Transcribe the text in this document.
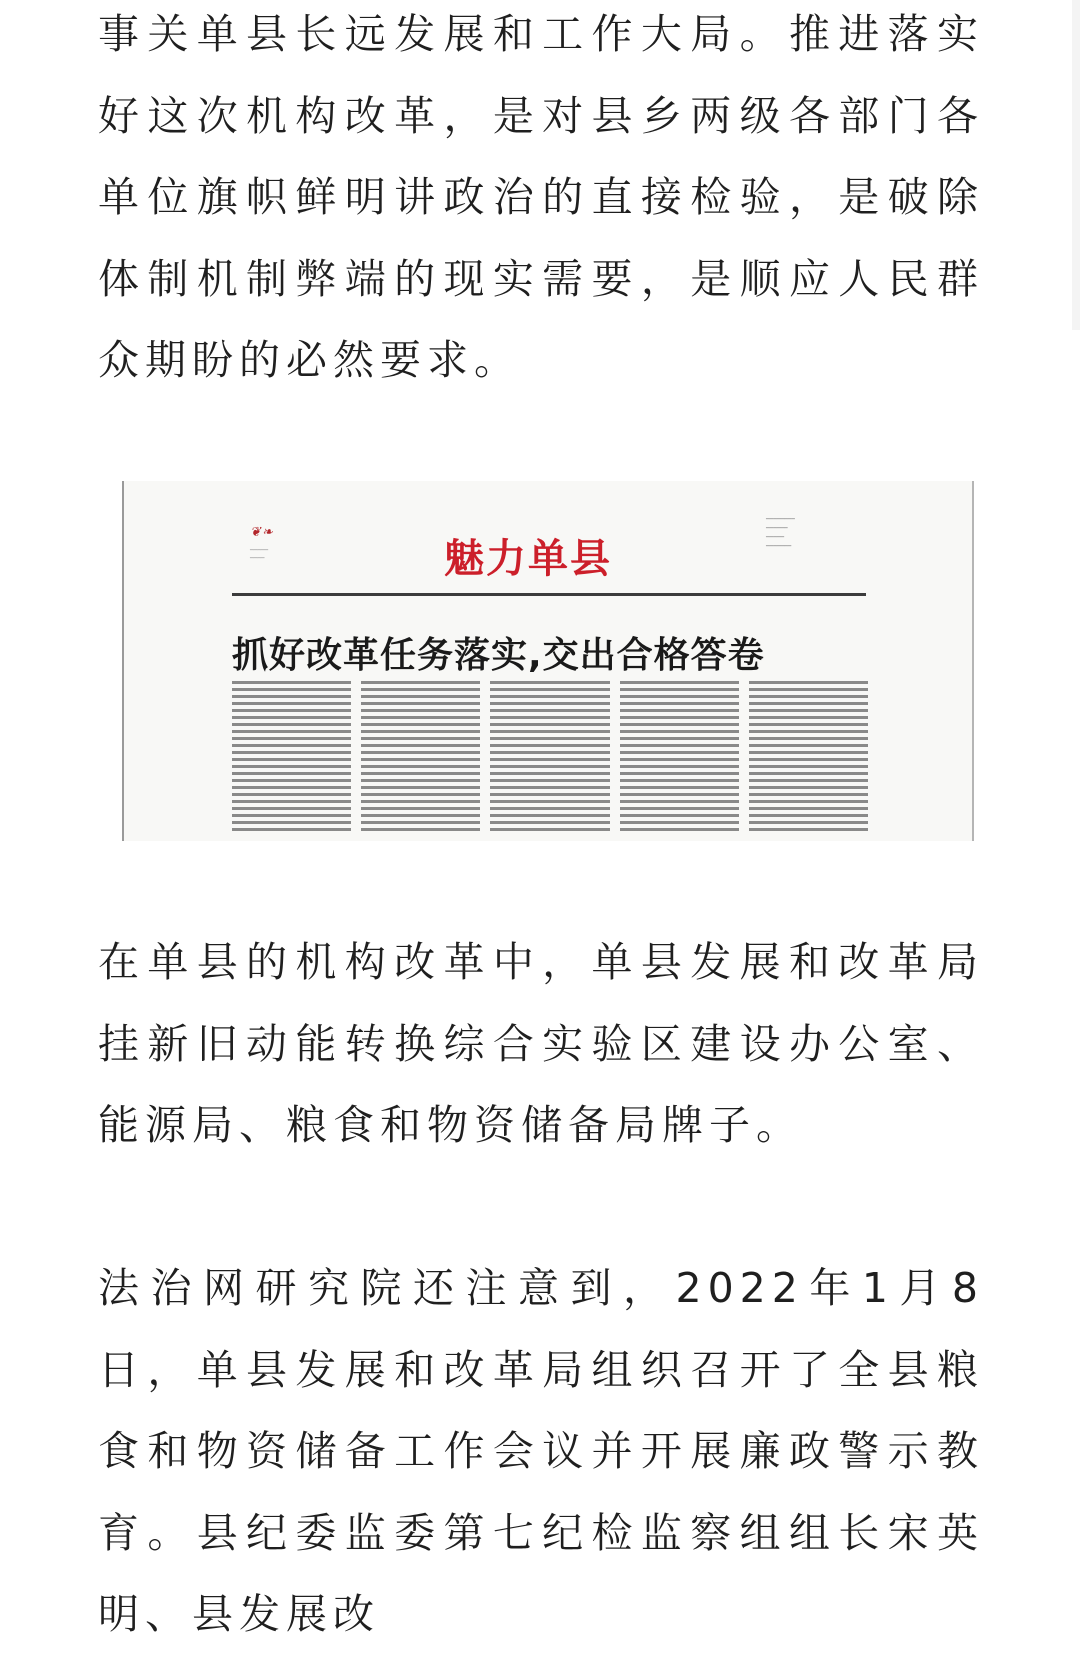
事关单县长远发展和工作大局。推进落实好这次机构改革，是对县乡两级各部门各单位旗帜鲜明讲政治的直接检验，是破除体制机制弊端的现实需要，是顺应人民群众期盼的必然要求。

❦❧
─────
────	魅力单县
────────
──────
─────
───────
抓好改革任务落实,交出合格答卷

在单县的机构改革中，单县发展和改革局挂新旧动能转换综合实验区建设办公室、能源局、粮食和物资储备局牌子。

法治网研究院还注意到，2022年1月8日，单县发展和改革局组织召开了全县粮食和物资储备工作会议并开展廉政警示教育。县纪委监委第七纪检监察组组长宋英明、县发展改
